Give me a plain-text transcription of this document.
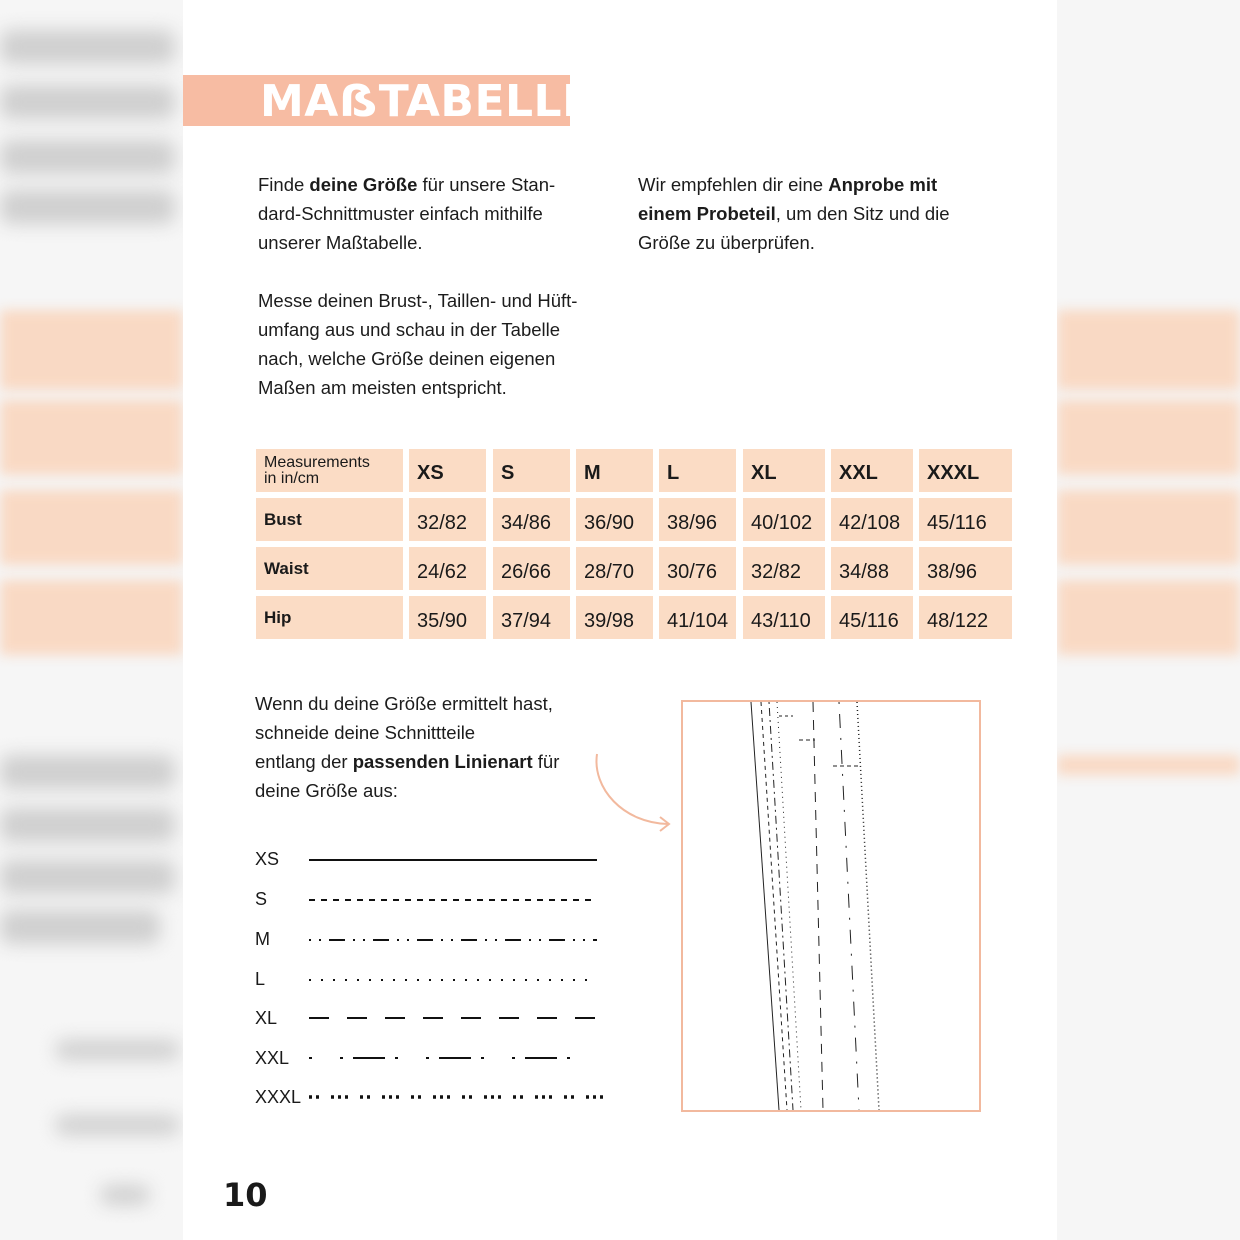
MAẞTABELLE
Finde deine Größe für unsere Stan-
dard-Schnittmuster einfach mithilfe
unserer Maßtabelle.
Messe deinen Brust-, Taillen- und Hüft-
umfang aus und schau in der Tabelle
nach, welche Größe deinen eigenen
Maßen am meisten entspricht.
Wir empfehlen dir eine Anprobe mit
einem Probeteil, um den Sitz und die
Größe zu überprüfen.
Measurements
in in/cm	XS	S	M	L	XL	XXL	XXXL
Bust	32/82	34/86	36/90	38/96	40/102	42/108	45/116
Waist	24/62	26/66	28/70	30/76	32/82	34/88	38/96
Hip	35/90	37/94	39/98	41/104	43/110	45/116	48/122
Wenn du deine Größe ermittelt hast,
schneide deine Schnittteile
entlang der passenden Linienart für
deine Größe aus:
XS
S
M
L
XL
XXL
XXXL
10
